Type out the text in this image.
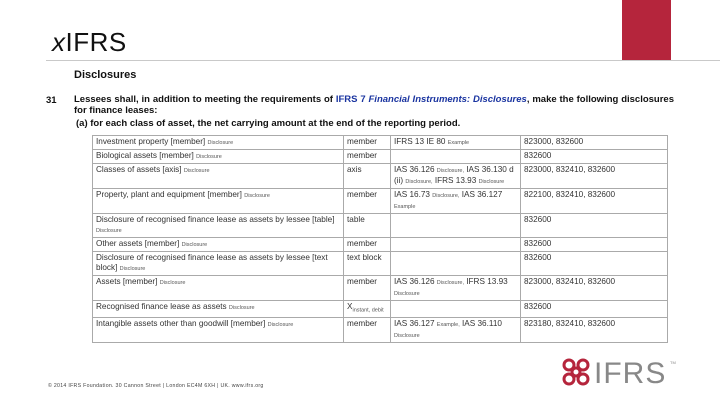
xIFRS
Disclosures
31 Lessees shall, in addition to meeting the requirements of IFRS 7 Financial Instruments: Disclosures, make the following disclosures for finance leases:
(a) for each class of asset, the net carrying amount at the end of the reporting period.
Investment property [member] Disclosure	member	IFRS 13 IE 80 Example	823000, 832600
Biological assets [member] Disclosure	member		832600
Classes of assets [axis] Disclosure	axis	IAS 36.126 Disclosure, IAS 36.130 d (ii) Disclosure, IFRS 13.93 Disclosure	823000, 832410, 832600
Property, plant and equipment [member] Disclosure	member	IAS 16.73 Disclosure, IAS 36.127 Example	822100, 832410, 832600
Disclosure of recognised finance lease as assets by lessee [table] Disclosure	table		832600
Other assets [member] Disclosure	member		832600
Disclosure of recognised finance lease as assets by lessee [text block] Disclosure	text block		832600
Assets [member] Disclosure	member	IAS 36.126 Disclosure, IFRS 13.93 Disclosure	823000, 832410, 832600
Recognised finance lease as assets Disclosure	$X_{instant, debit}$		832600
Intangible assets other than goodwill [member] Disclosure	member	IAS 36.127 Example, IAS 36.110 Disclosure	823180, 832410, 832600
© 2014 IFRS Foundation. 30 Cannon Street | London EC4M 6XH | UK. www.ifrs.org	IFRS TM
